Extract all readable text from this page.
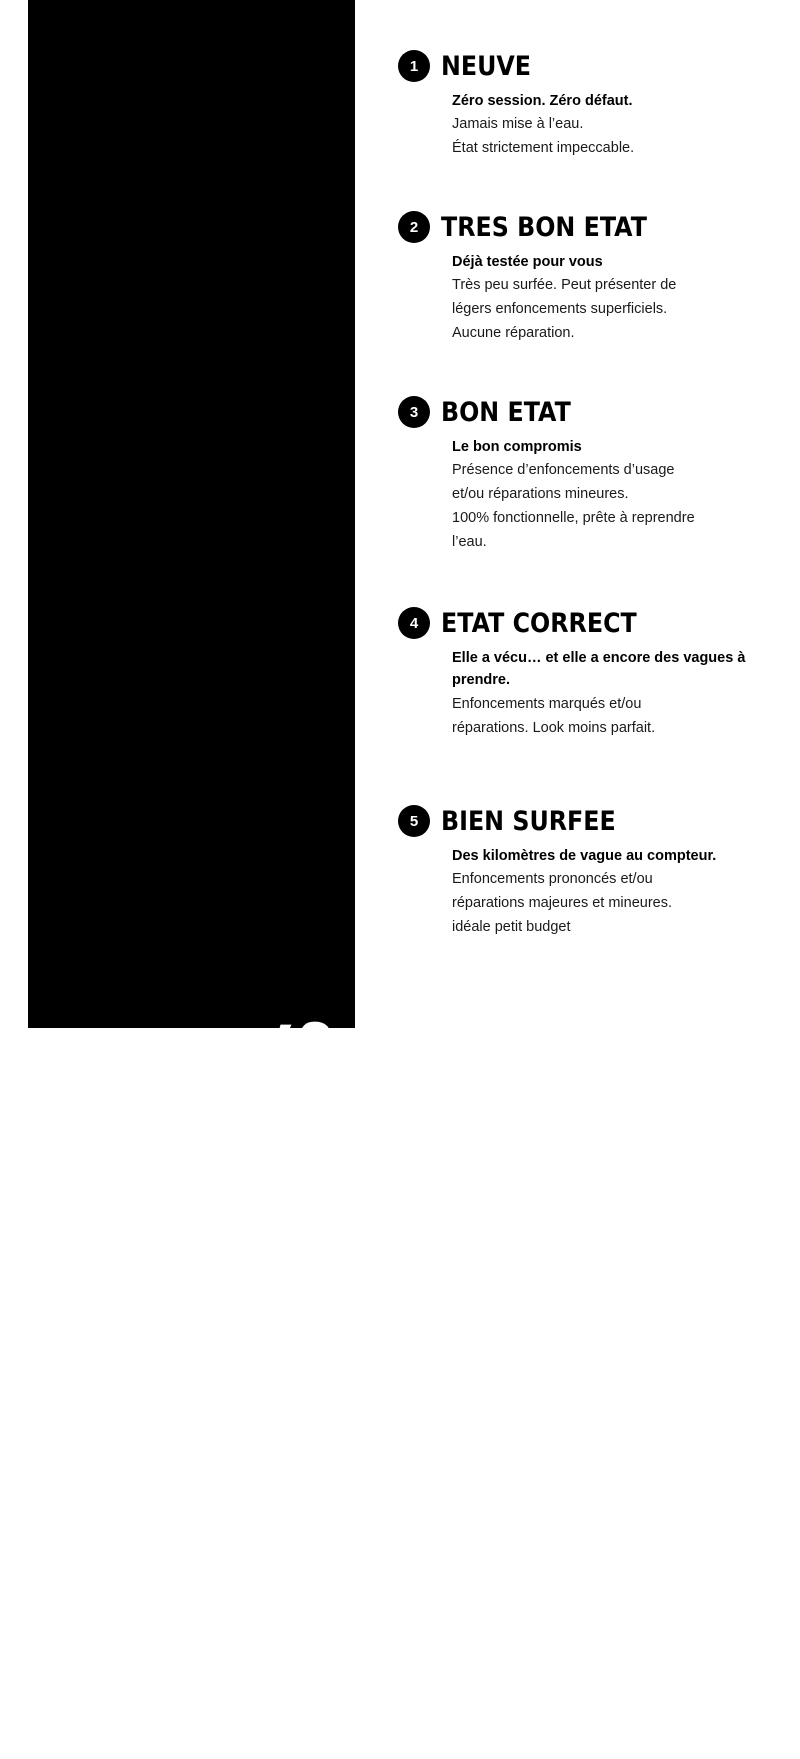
ETAT DES PLANCHES
1 NEUVE

Zéro session. Zéro défaut.

Jamais mise à l’eau.
État strictement impeccable.

2 TRES BON ETAT

Déjà testée pour vous

Très peu surfée. Peut présenter de
légers enfoncements superficiels.
Aucune réparation.

3 BON ETAT

Le bon compromis

Présence d’enfoncements d’usage
et/ou réparations mineures.
100% fonctionnelle, prête à reprendre
l’eau.

4 ETAT CORRECT

Elle a vécu… et elle a encore des vagues à prendre.

Enfoncements marqués et/ou
réparations. Look moins parfait.

5 BIEN SURFEE

Des kilomètres de vague au compteur.

Enfoncements prononcés et/ou
réparations majeures et mineures.
idéale petit budget
